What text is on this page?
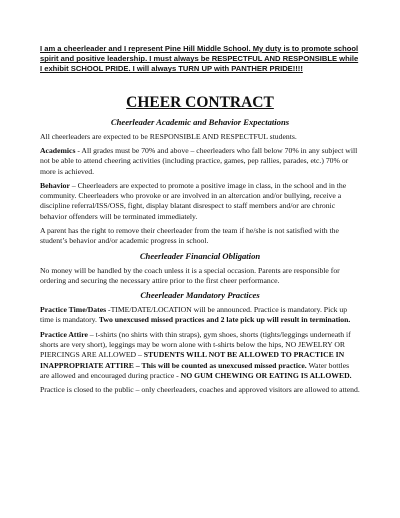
I am a cheerleader and I represent Pine Hill Middle School. My duty is to promote school spirit and positive leadership. I must always be RESPECTFUL AND RESPONSIBLE while I exhibit SCHOOL PRIDE. I will always TURN UP with PANTHER PRIDE!!!!

CHEER CONTRACT
Cheerleader Academic and Behavior Expectations

All cheerleaders are expected to be RESPONSIBLE AND RESPECTFUL students.

Academics - All grades must be 70% and above – cheerleaders who fall below 70% in any subject will not be able to attend cheering activities (including practice, games, pep rallies, parades, etc.) 70% or more is achieved.

Behavior – Cheerleaders are expected to promote a positive image in class, in the school and in the community. Cheerleaders who provoke or are involved in an altercation and/or bullying, receive a discipline referral/ISS/OSS, fight, display blatant disrespect to staff members and/or are chronic behavior offenders will be terminated immediately.

A parent has the right to remove their cheerleader from the team if he/she is not satisfied with the student’s behavior and/or academic progress in school.

Cheerleader Financial Obligation

No money will be handled by the coach unless it is a special occasion. Parents are responsible for ordering and securing the necessary attire prior to the first cheer performance.

Cheerleader Mandatory Practices

Practice Time/Dates -TIME/DATE/LOCATION will be announced. Practice is mandatory. Pick up time is mandatory. Two unexcused missed practices and 2 late pick up will result in termination.

Practice Attire – t-shirts (no shirts with thin straps), gym shoes, shorts (tights/leggings underneath if shorts are very short), leggings may be worn alone with t-shirts below the hips, NO JEWELRY OR PIERCINGS ARE ALLOWED – STUDENTS WILL NOT BE ALLOWED TO PRACTICE IN INAPPROPRIATE ATTIRE – This will be counted as unexcused missed practice. Water bottles are allowed and encouraged during practice - NO GUM CHEWING OR EATING IS ALLOWED.

Practice is closed to the public – only cheerleaders, coaches and approved visitors are allowed to attend.
